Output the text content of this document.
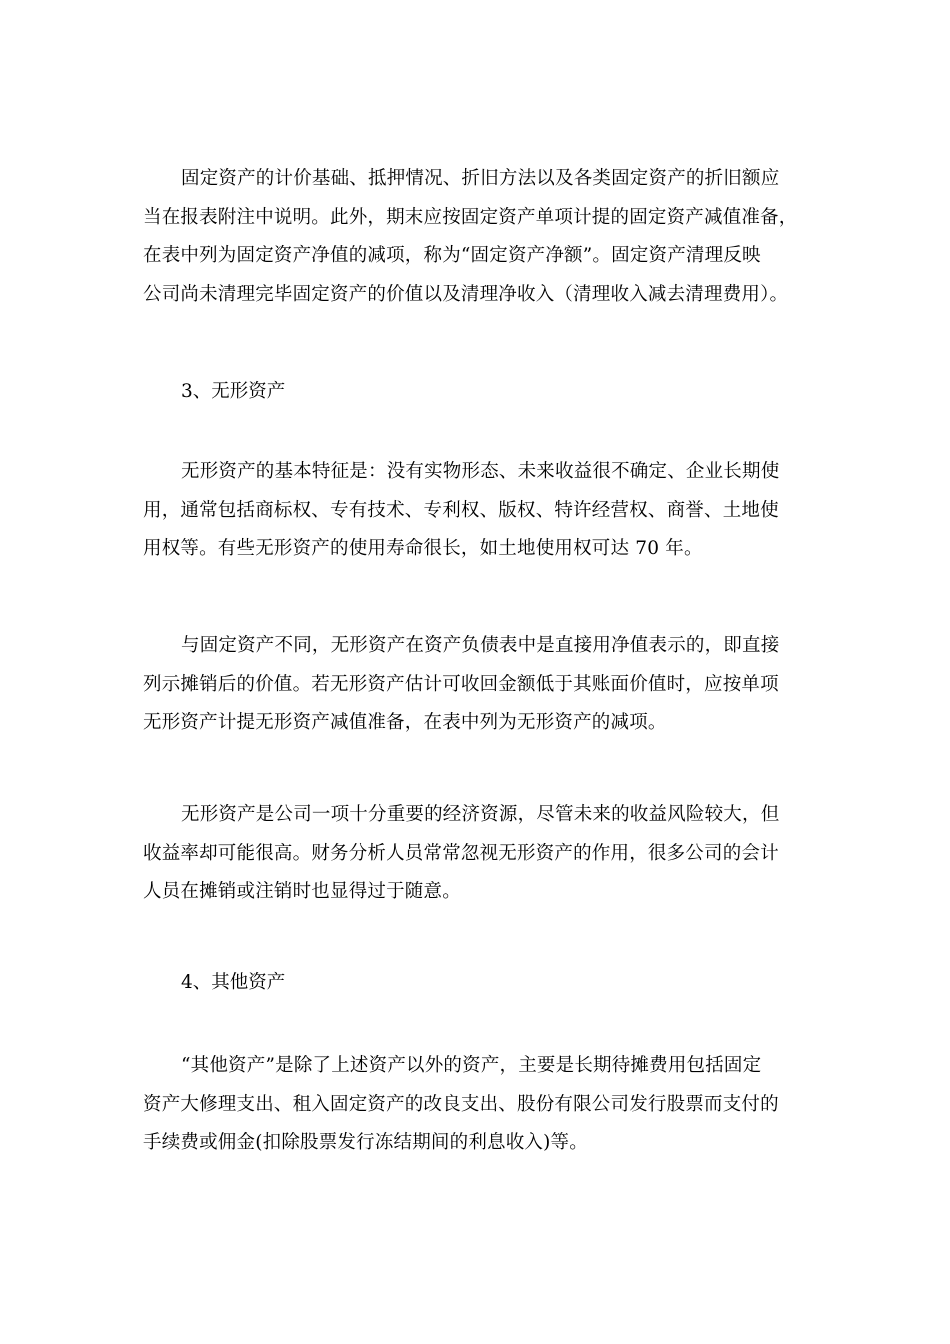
固定资产的计价基础、抵押情况、折旧方法以及各类固定资产的折旧额应
当在报表附注中说明。此外，期末应按固定资产单项计提的固定资产减值准备，
在表中列为固定资产净值的减项，称为“固定资产净额”。固定资产清理反映
公司尚未清理完毕固定资产的价值以及清理净收入（清理收入减去清理费用）。
3、无形资产
无形资产的基本特征是：没有实物形态、未来收益很不确定、企业长期使
用，通常包括商标权、专有技术、专利权、版权、特许经营权、商誉、土地使
用权等。有些无形资产的使用寿命很长，如土地使用权可达 70 年。
与固定资产不同，无形资产在资产负债表中是直接用净值表示的，即直接
列示摊销后的价值。若无形资产估计可收回金额低于其账面价值时，应按单项
无形资产计提无形资产减值准备，在表中列为无形资产的减项。
无形资产是公司一项十分重要的经济资源，尽管未来的收益风险较大，但
收益率却可能很高。财务分析人员常常忽视无形资产的作用，很多公司的会计
人员在摊销或注销时也显得过于随意。
4、其他资产
“其他资产”是除了上述资产以外的资产，主要是长期待摊费用包括固定
资产大修理支出、租入固定资产的改良支出、股份有限公司发行股票而支付的
手续费或佣金(扣除股票发行冻结期间的利息收入)等。
